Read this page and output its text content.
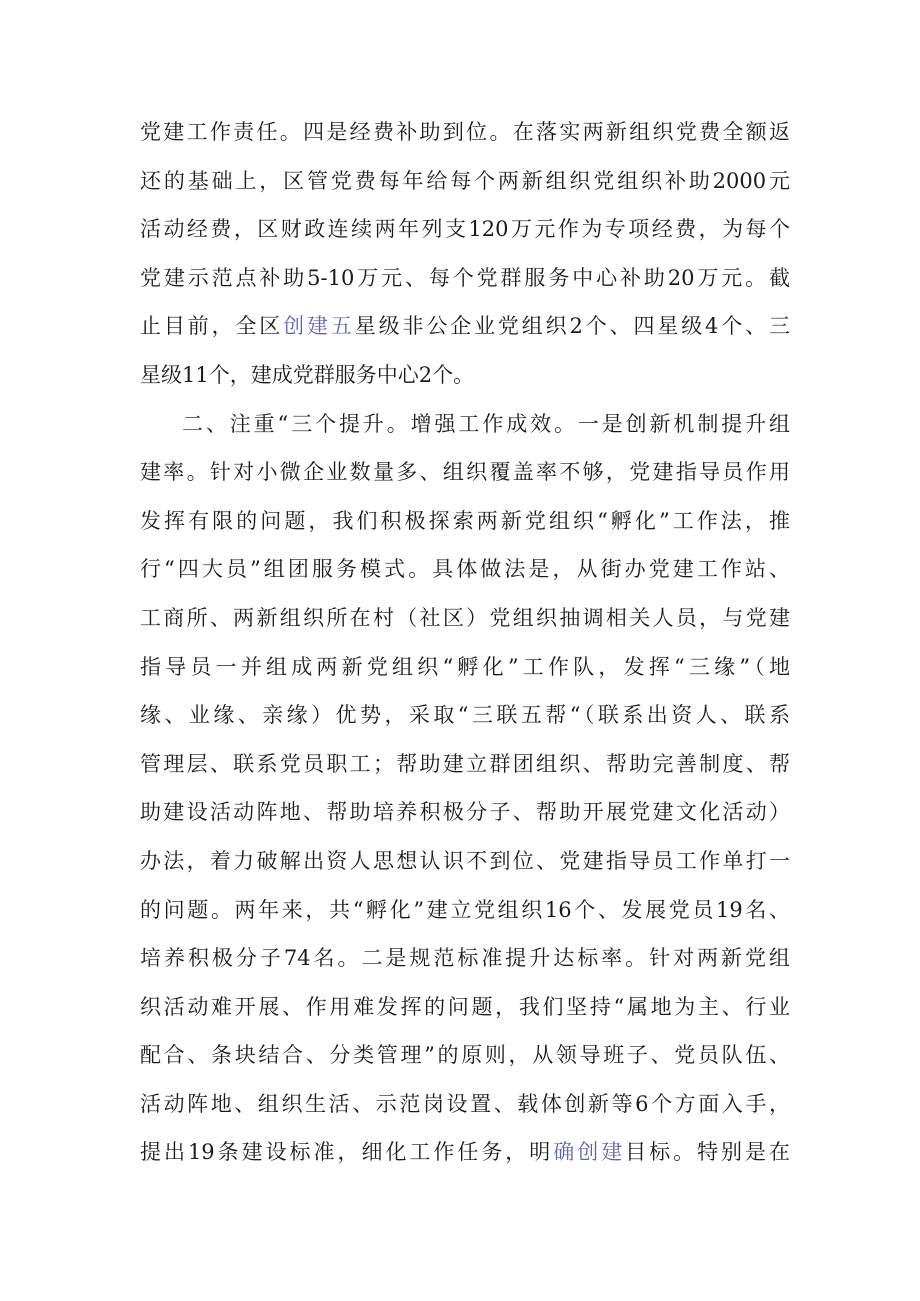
党建工作责任。四是经费补助到位。在落实两新组织党费全额返
还的基础上，区管党费每年给每个两新组织党组织补助2000元
活动经费，区财政连续两年列支120万元作为专项经费，为每个
党建示范点补助5-10万元、每个党群服务中心补助20万元。截
止目前，全区创建五星级非公企业党组织2个、四星级4个、三
星级11个，建成党群服务中心2个。
二、注重“三个提升。增强工作成效。一是创新机制提升组
建率。针对小微企业数量多、组织覆盖率不够，党建指导员作用
发挥有限的问题，我们积极探索两新党组织“孵化”工作法，推
行“四大员”组团服务模式。具体做法是，从街办党建工作站、
工商所、两新组织所在村（社区）党组织抽调相关人员，与党建
指导员一并组成两新党组织“孵化”工作队，发挥“三缘”（地
缘、业缘、亲缘）优势，采取“三联五帮“（联系出资人、联系
管理层、联系党员职工；帮助建立群团组织、帮助完善制度、帮
助建设活动阵地、帮助培养积极分子、帮助开展党建文化活动）
办法，着力破解出资人思想认识不到位、党建指导员工作单打一
的问题。两年来，共“孵化”建立党组织16个、发展党员19名、
培养积极分子74名。二是规范标准提升达标率。针对两新党组
织活动难开展、作用难发挥的问题，我们坚持“属地为主、行业
配合、条块结合、分类管理”的原则，从领导班子、党员队伍、
活动阵地、组织生活、示范岗设置、载体创新等6个方面入手，
提出19条建设标准，细化工作任务，明确创建目标。特别是在
